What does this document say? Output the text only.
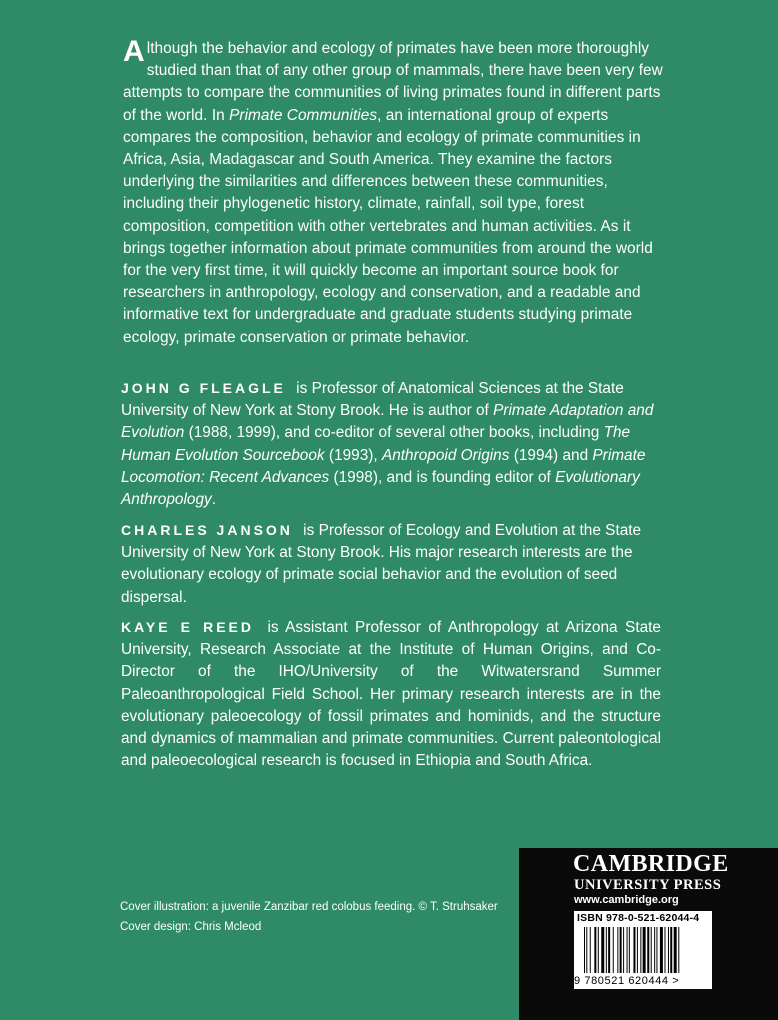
Although the behavior and ecology of primates have been more thoroughly studied than that of any other group of mammals, there have been very few attempts to compare the communities of living primates found in different parts of the world. In Primate Communities, an international group of experts compares the composition, behavior and ecology of primate communities in Africa, Asia, Madagascar and South America. They examine the factors underlying the similarities and differences between these communities, including their phylogenetic history, climate, rainfall, soil type, forest composition, competition with other vertebrates and human activities. As it brings together information about primate communities from around the world for the very first time, it will quickly become an important source book for researchers in anthropology, ecology and conservation, and a readable and informative text for undergraduate and graduate students studying primate ecology, primate conservation or primate behavior.

JOHN G FLEAGLE is Professor of Anatomical Sciences at the State University of New York at Stony Brook. He is author of Primate Adaptation and Evolution (1988, 1999), and co-editor of several other books, including The Human Evolution Sourcebook (1993), Anthropoid Origins (1994) and Primate Locomotion: Recent Advances (1998), and is founding editor of Evolutionary Anthropology.

CHARLES JANSON is Professor of Ecology and Evolution at the State University of New York at Stony Brook. His major research interests are the evolutionary ecology of primate social behavior and the evolution of seed dispersal.

KAYE E REED is Assistant Professor of Anthropology at Arizona State University, Research Associate at the Institute of Human Origins, and Co-Director of the IHO/University of the Witwatersrand Summer Paleoanthropological Field School. Her primary research interests are in the evolutionary paleoecology of fossil primates and hominids, and the structure and dynamics of mammalian and primate communities. Current paleontological and paleoecological research is focused in Ethiopia and South Africa.

Cover illustration: a juvenile Zanzibar red colobus feeding. © T. Struhsaker
Cover design: Chris Mcleod
CAMBRIDGE
UNIVERSITY PRESS
www.cambridge.org
ISBN 978-0-521-62044-4
9 780521 620444 >
